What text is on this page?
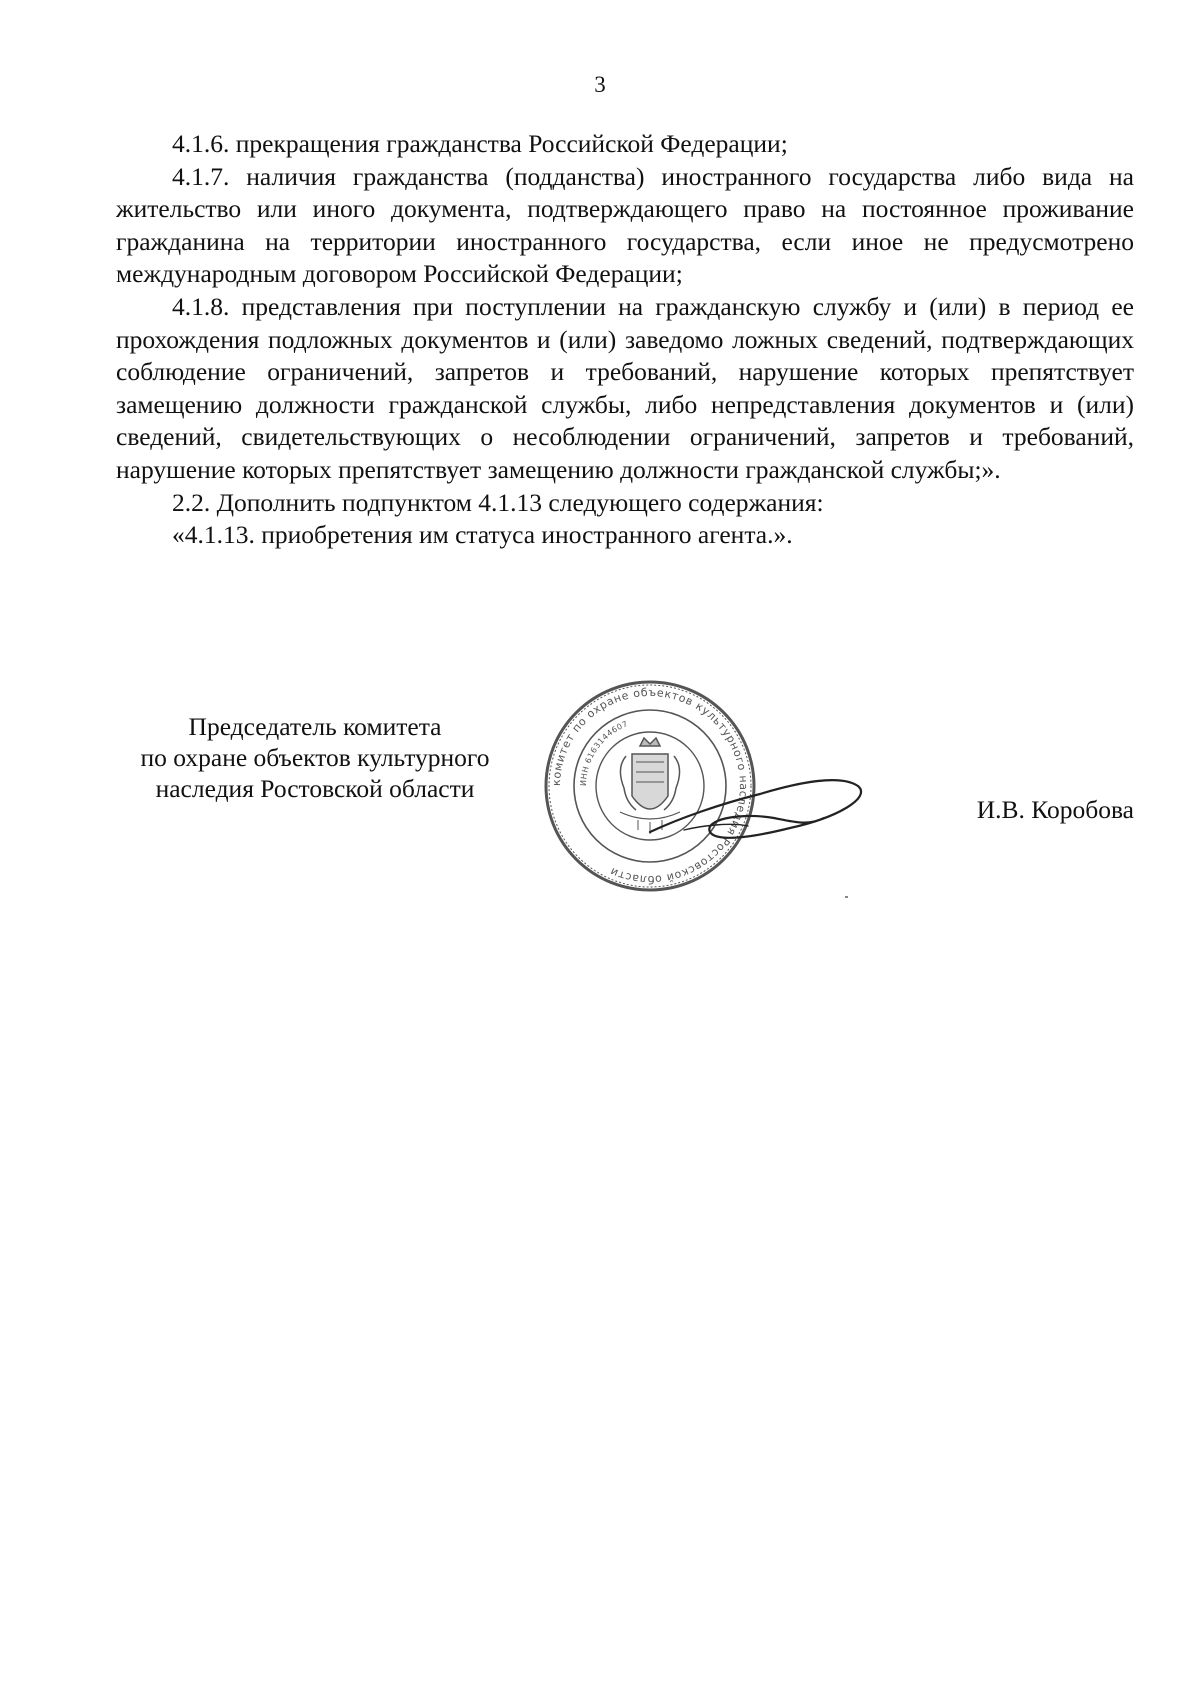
3

4.1.6. прекращения гражданства Российской Федерации;

4.1.7. наличия гражданства (подданства) иностранного государства либо вида на жительство или иного документа, подтверждающего право на постоянное проживание гражданина на территории иностранного государства, если иное не предусмотрено международным договором Российской Федерации;

4.1.8. представления при поступлении на гражданскую службу и (или) в период ее прохождения подложных документов и (или) заведомо ложных сведений, подтверждающих соблюдение ограничений, запретов и требований, нарушение которых препятствует замещению должности гражданской службы, либо непредставления документов и (или) сведений, свидетельствующих о несоблюдении ограничений, запретов и требований, нарушение которых препятствует замещению должности гражданской службы;».

2.2. Дополнить подпунктом 4.1.13 следующего содержания:

«4.1.13. приобретения им статуса иностранного агента.».

Председатель комитета
по охране объектов культурного
наследия Ростовской области	комитет по охране объектов культурного наследия Ростовской области
ИНН 6163144607
И.В. Коробова
